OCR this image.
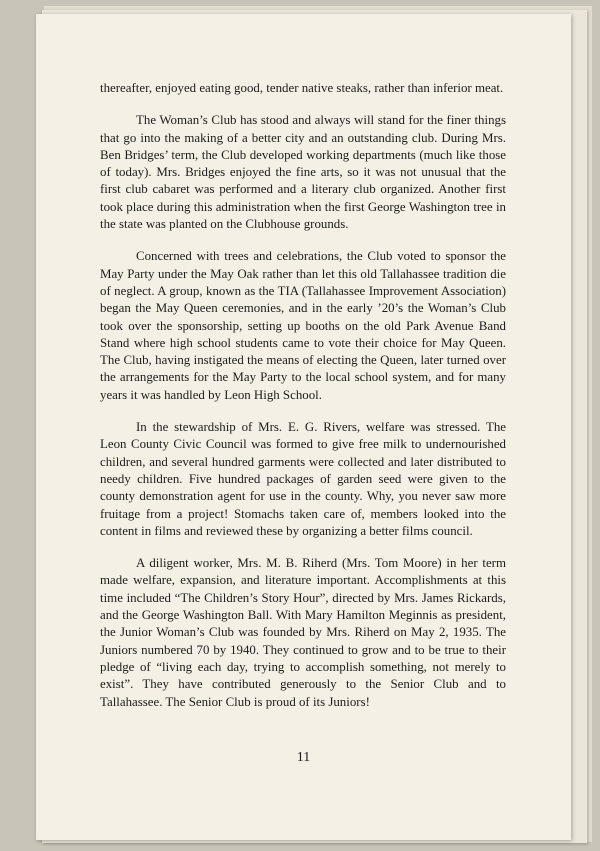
thereafter, enjoyed eating good, tender native steaks, rather than inferior meat.

The Woman’s Club has stood and always will stand for the finer things that go into the making of a better city and an outstanding club. During Mrs. Ben Bridges’ term, the Club developed working departments (much like those of today). Mrs. Bridges enjoyed the fine arts, so it was not unusual that the first club cabaret was performed and a literary club organized. Another first took place during this administration when the first George Washington tree in the state was planted on the Clubhouse grounds.

Concerned with trees and celebrations, the Club voted to sponsor the May Party under the May Oak rather than let this old Tallahassee tradition die of neglect. A group, known as the TIA (Tallahassee Improvement Association) began the May Queen ceremonies, and in the early ’20’s the Woman’s Club took over the sponsorship, setting up booths on the old Park Avenue Band Stand where high school students came to vote their choice for May Queen. The Club, having instigated the means of electing the Queen, later turned over the arrangements for the May Party to the local school system, and for many years it was handled by Leon High School.

In the stewardship of Mrs. E. G. Rivers, welfare was stressed. The Leon County Civic Council was formed to give free milk to undernourished children, and several hundred garments were collected and later distributed to needy children. Five hundred packages of garden seed were given to the county demonstration agent for use in the county. Why, you never saw more fruitage from a project! Stomachs taken care of, members looked into the content in films and reviewed these by organizing a better films council.

A diligent worker, Mrs. M. B. Riherd (Mrs. Tom Moore) in her term made welfare, expansion, and literature important. Accomplishments at this time included “The Children’s Story Hour”, directed by Mrs. James Rickards, and the George Washington Ball. With Mary Hamilton Meginnis as president, the Junior Woman’s Club was founded by Mrs. Riherd on May 2, 1935. The Juniors numbered 70 by 1940. They continued to grow and to be true to their pledge of “living each day, trying to accomplish something, not merely to exist”. They have contributed generously to the Senior Club and to Tallahassee. The Senior Club is proud of its Juniors!

11
